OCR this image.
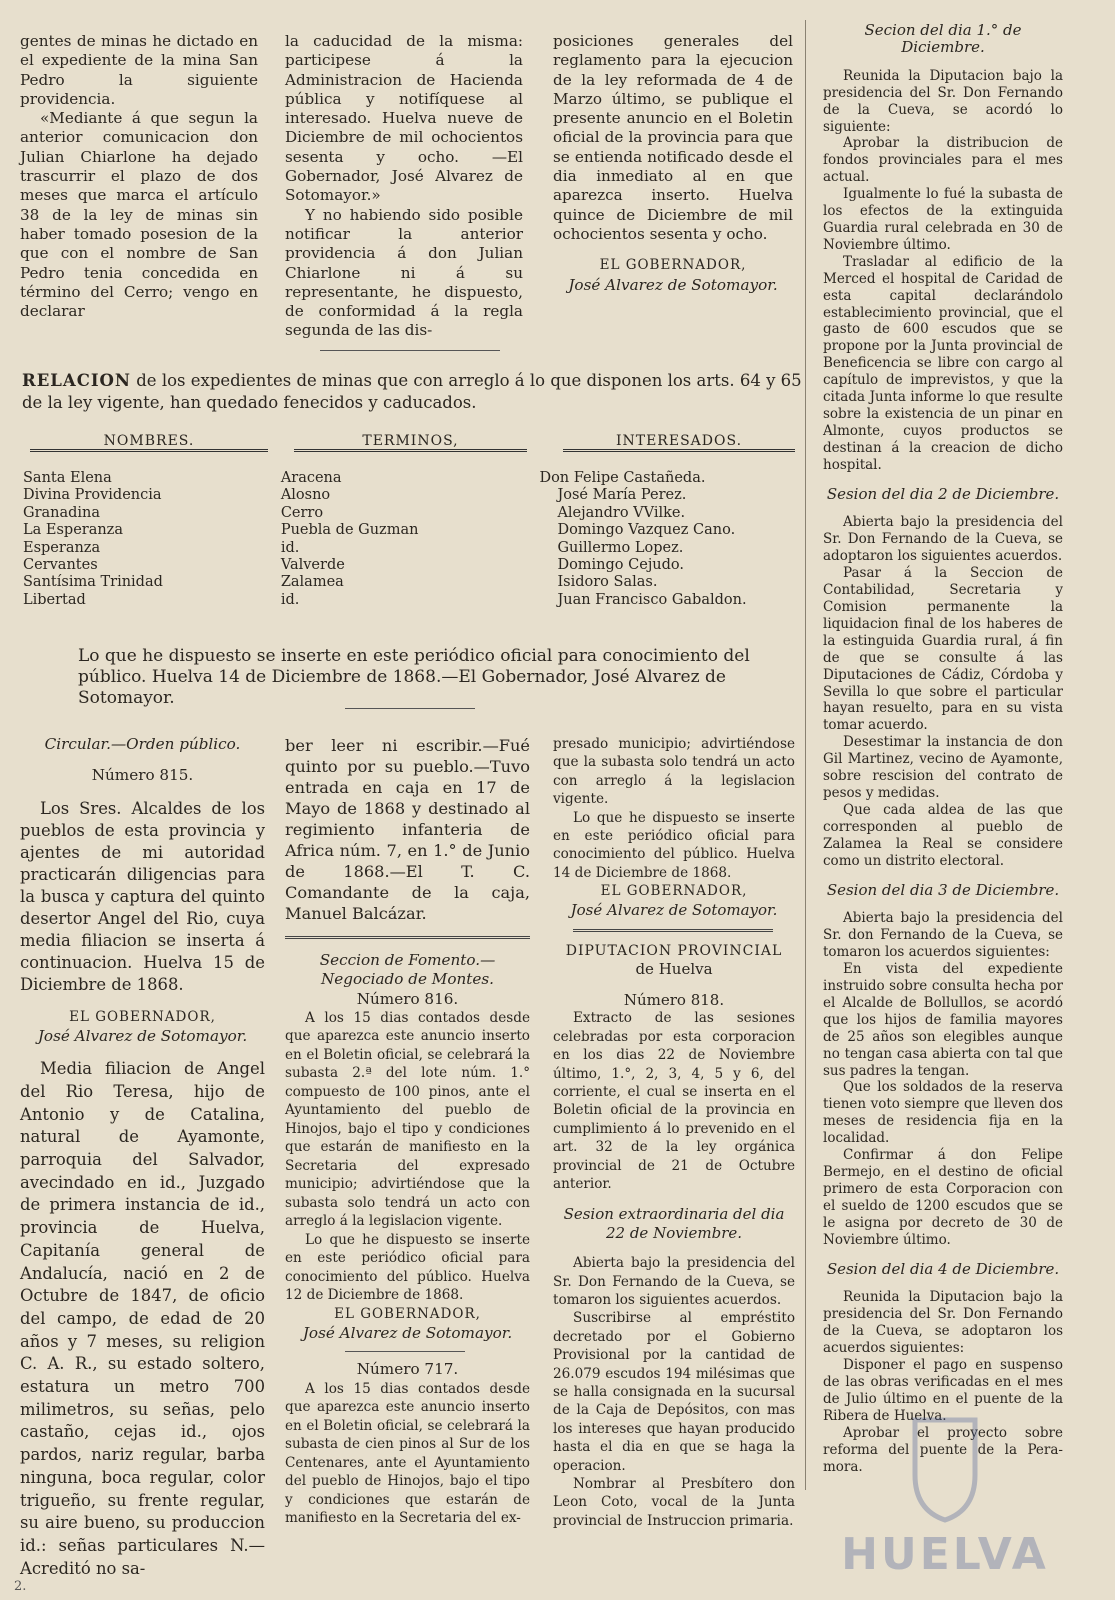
gentes de minas he dictado en el expediente de la mina San Pedro la siguiente providencia.

«Mediante á que segun la anterior comunicacion don Julian Chiarlone ha dejado trascurrir el plazo de dos meses que marca el artículo 38 de la ley de minas sin haber tomado posesion de la que con el nombre de San Pedro tenia concedida en término del Cerro; vengo en declarar

la caducidad de la misma: participese á la Administracion de Hacienda pública y notifíquese al interesado. Huelva nueve de Diciembre de mil ochocientos sesenta y ocho. —El Gobernador, José Alvarez de Sotomayor.»

Y no habiendo sido posible notificar la anterior providencia á don Julian Chiarlone ni á su representante, he dispuesto, de conformidad á la regla segunda de las dis-

posiciones generales del reglamento para la ejecucion de la ley reformada de 4 de Marzo último, se publique el presente anuncio en el Boletin oficial de la provincia para que se entienda notificado desde el dia inmediato al en que aparezca inserto. Huelva quince de Diciembre de mil ochocientos sesenta y ocho.

EL GOBERNADOR,

José Alvarez de Sotomayor.

RELACION de los expedientes de minas que con arreglo á lo que disponen los arts. 64 y 65 de la ley vigente, han quedado fenecidos y caducados.
NOMBRES.	TERMINOS,	INTERESADOS.
Santa Elena	Aracena	Don Felipe Castañeda.
Divina Providencia	Alosno	José María Perez.
Granadina	Cerro	Alejandro VVilke.
La Esperanza	Puebla de Guzman	Domingo Vazquez Cano.
Esperanza	id.	Guillermo Lopez.
Cervantes	Valverde	Domingo Cejudo.
Santísima Trinidad	Zalamea	Isidoro Salas.
Libertad	id.	Juan Francisco Gabaldon.
Lo que he dispuesto se inserte en este periódico oficial para conocimiento del público. Huelva 14 de Diciembre de 1868.—El Gobernador, José Alvarez de Sotomayor.

Circular.—Orden público.

Número 815.

Los Sres. Alcaldes de los pueblos de esta provincia y ajentes de mi autoridad practicarán diligencias para la busca y captura del quinto desertor Angel del Rio, cuya media filiacion se inserta á continuacion. Huelva 15 de Diciembre de 1868.

EL GOBERNADOR,

José Alvarez de Sotomayor.

Media filiacion de Angel del Rio Teresa, hijo de Antonio y de Catalina, natural de Ayamonte, parroquia del Salvador, avecindado en id., Juzgado de primera instancia de id., provincia de Huelva, Capitanía general de Andalucía, nació en 2 de Octubre de 1847, de oficio del campo, de edad de 20 años y 7 meses, su religion C. A. R., su estado soltero, estatura un metro 700 milimetros, su señas, pelo castaño, cejas id., ojos pardos, nariz regular, barba ninguna, boca regular, color trigueño, su frente regular, su aire bueno, su produccion id.: señas particulares N.—Acreditó no sa-

ber leer ni escribir.—Fué quinto por su pueblo.—Tuvo entrada en caja en 17 de Mayo de 1868 y destinado al regimiento infanteria de Africa núm. 7, en 1.° de Junio de 1868.—El T. C. Comandante de la caja, Manuel Balcázar.

Seccion de Fomento.—Negociado de Montes.

Número 816.

A los 15 dias contados desde que aparezca este anuncio inserto en el Boletin oficial, se celebrará la subasta 2.ª del lote núm. 1.° compuesto de 100 pinos, ante el Ayuntamiento del pueblo de Hinojos, bajo el tipo y condiciones que estarán de manifiesto en la Secretaria del expresado municipio; advirtiéndose que la subasta solo tendrá un acto con arreglo á la legislacion vigente.

Lo que he dispuesto se inserte en este periódico oficial para conocimiento del público. Huelva 12 de Diciembre de 1868.

EL GOBERNADOR,

José Alvarez de Sotomayor.

Número 717.

A los 15 dias contados desde que aparezca este anuncio inserto en el Boletin oficial, se celebrará la subasta de cien pinos al Sur de los Centenares, ante el Ayuntamiento del pueblo de Hinojos, bajo el tipo y condiciones que estarán de manifiesto en la Secretaria del ex-

presado municipio; advirtiéndose que la subasta solo tendrá un acto con arreglo á la legislacion vigente.

Lo que he dispuesto se inserte en este periódico oficial para conocimiento del público. Huelva 14 de Diciembre de 1868.

EL GOBERNADOR,

José Alvarez de Sotomayor.

DIPUTACION PROVINCIAL

de Huelva

Número 818.

Extracto de las sesiones celebradas por esta corporacion en los dias 22 de Noviembre último, 1.°, 2, 3, 4, 5 y 6, del corriente, el cual se inserta en el Boletin oficial de la provincia en cumplimiento á lo prevenido en el art. 32 de la ley orgánica provincial de 21 de Octubre anterior.

Sesion extraordinaria del dia 22 de Noviembre.

Abierta bajo la presidencia del Sr. Don Fernando de la Cueva, se tomaron los siguientes acuerdos.

Suscribirse al empréstito decretado por el Gobierno Provisional por la cantidad de 26.079 escudos 194 milésimas que se halla consignada en la sucursal de la Caja de Depósitos, con mas los intereses que hayan producido hasta el dia en que se haga la operacion.

Nombrar al Presbítero don Leon Coto, vocal de la Junta provincial de Instruccion primaria.

Secion del dia 1.° de Diciembre.

Reunida la Diputacion bajo la presidencia del Sr. Don Fernando de la Cueva, se acordó lo siguiente:

Aprobar la distribucion de fondos provinciales para el mes actual.

Igualmente lo fué la subasta de los efectos de la extinguida Guardia rural celebrada en 30 de Noviembre último.

Trasladar al edificio de la Merced el hospital de Caridad de esta capital declarándolo establecimiento provincial, que el gasto de 600 escudos que se propone por la Junta provincial de Beneficencia se libre con cargo al capítulo de imprevistos, y que la citada Junta informe lo que resulte sobre la existencia de un pinar en Almonte, cuyos productos se destinan á la creacion de dicho hospital.

Sesion del dia 2 de Diciembre.

Abierta bajo la presidencia del Sr. Don Fernando de la Cueva, se adoptaron los siguientes acuerdos.

Pasar á la Seccion de Contabilidad, Secretaria y Comision permanente la liquidacion final de los haberes de la estinguida Guardia rural, á fin de que se consulte á las Diputaciones de Cádiz, Córdoba y Sevilla lo que sobre el particular hayan resuelto, para en su vista tomar acuerdo.

Desestimar la instancia de don Gil Martinez, vecino de Ayamonte, sobre rescision del contrato de pesos y medidas.

Que cada aldea de las que corresponden al pueblo de Zalamea la Real se considere como un distrito electoral.

Sesion del dia 3 de Diciembre.

Abierta bajo la presidencia del Sr. don Fernando de la Cueva, se tomaron los acuerdos siguientes:

En vista del expediente instruido sobre consulta hecha por el Alcalde de Bollullos, se acordó que los hijos de familia mayores de 25 años son elegibles aunque no tengan casa abierta con tal que sus padres la tengan.

Que los soldados de la reserva tienen voto siempre que lleven dos meses de residencia fija en la localidad.

Confirmar á don Felipe Bermejo, en el destino de oficial primero de esta Corporacion con el sueldo de 1200 escudos que se le asigna por decreto de 30 de Noviembre último.

Sesion del dia 4 de Diciembre.

Reunida la Diputacion bajo la presidencia del Sr. Don Fernando de la Cueva, se adoptaron los acuerdos siguientes:

Disponer el pago en suspenso de las obras verificadas en el mes de Julio último en el puente de la Ribera de Huelva.

Aprobar el proyecto sobre reforma del puente de la Pera-mora.

HUELVA
2.
